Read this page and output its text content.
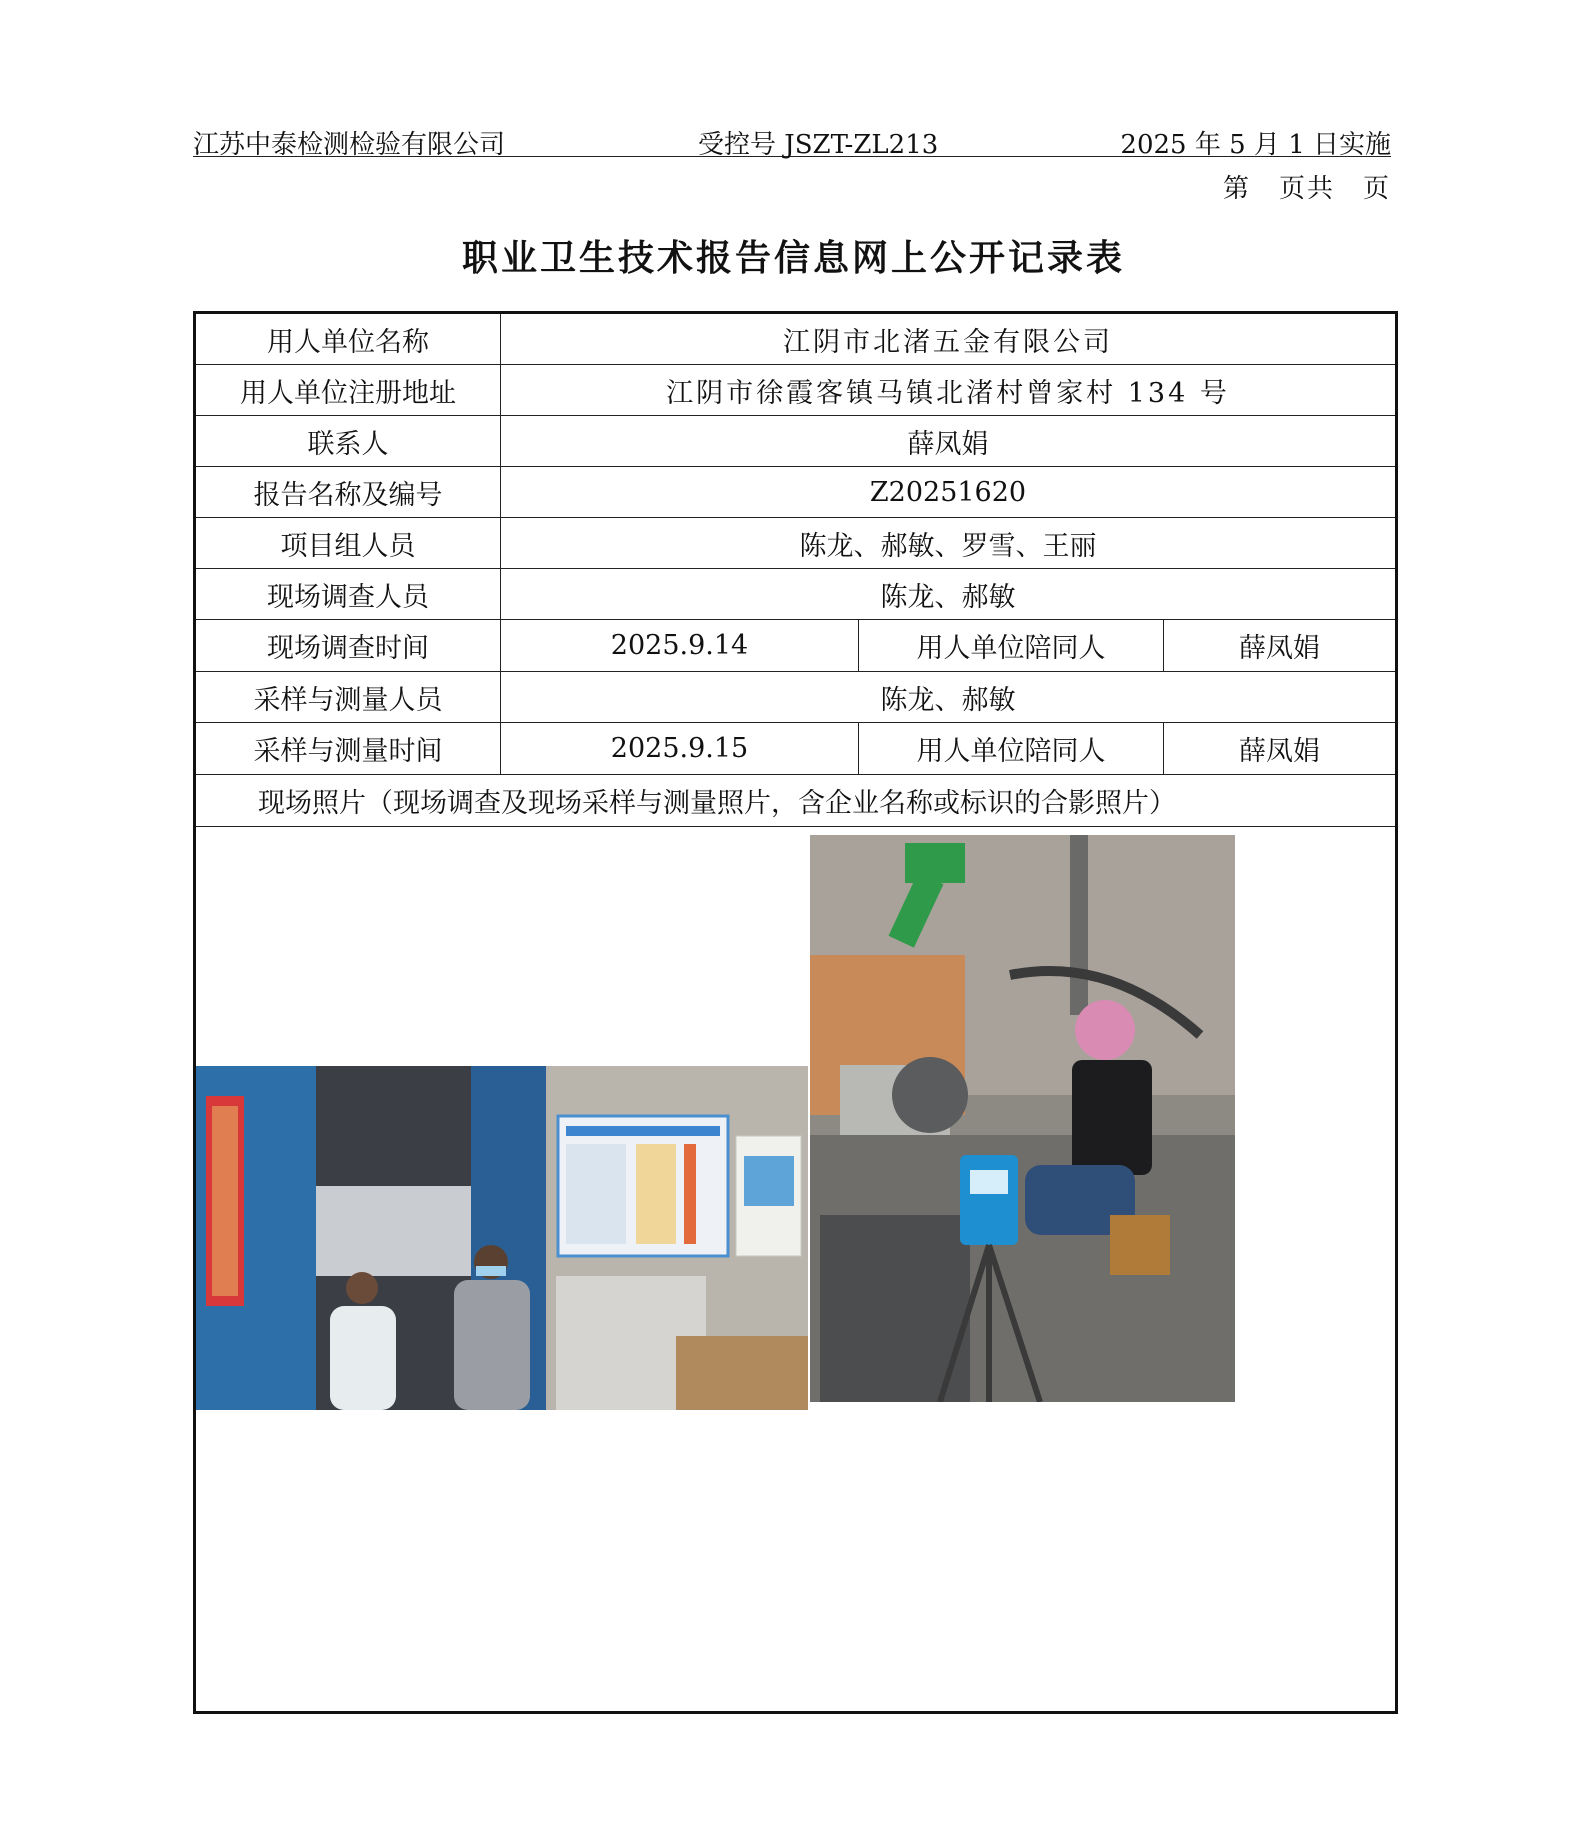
江苏中泰检测检验有限公司	受控号 JSZT-ZL213	2025 年 5 月 1 日实施
第　页共　页
职业卫生技术报告信息网上公开记录表
用人单位名称	江阴市北渚五金有限公司
用人单位注册地址	江阴市徐霞客镇马镇北渚村曾家村 134 号
联系人	薛凤娟
报告名称及编号	Z20251620
项目组人员	陈龙、郝敏、罗雪、王丽
现场调查人员	陈龙、郝敏
现场调查时间	2025.9.14	用人单位陪同人	薛凤娟
采样与测量人员	陈龙、郝敏
采样与测量时间	2025.9.15	用人单位陪同人	薛凤娟
现场照片（现场调查及现场采样与测量照片，含企业名称或标识的合影照片）
